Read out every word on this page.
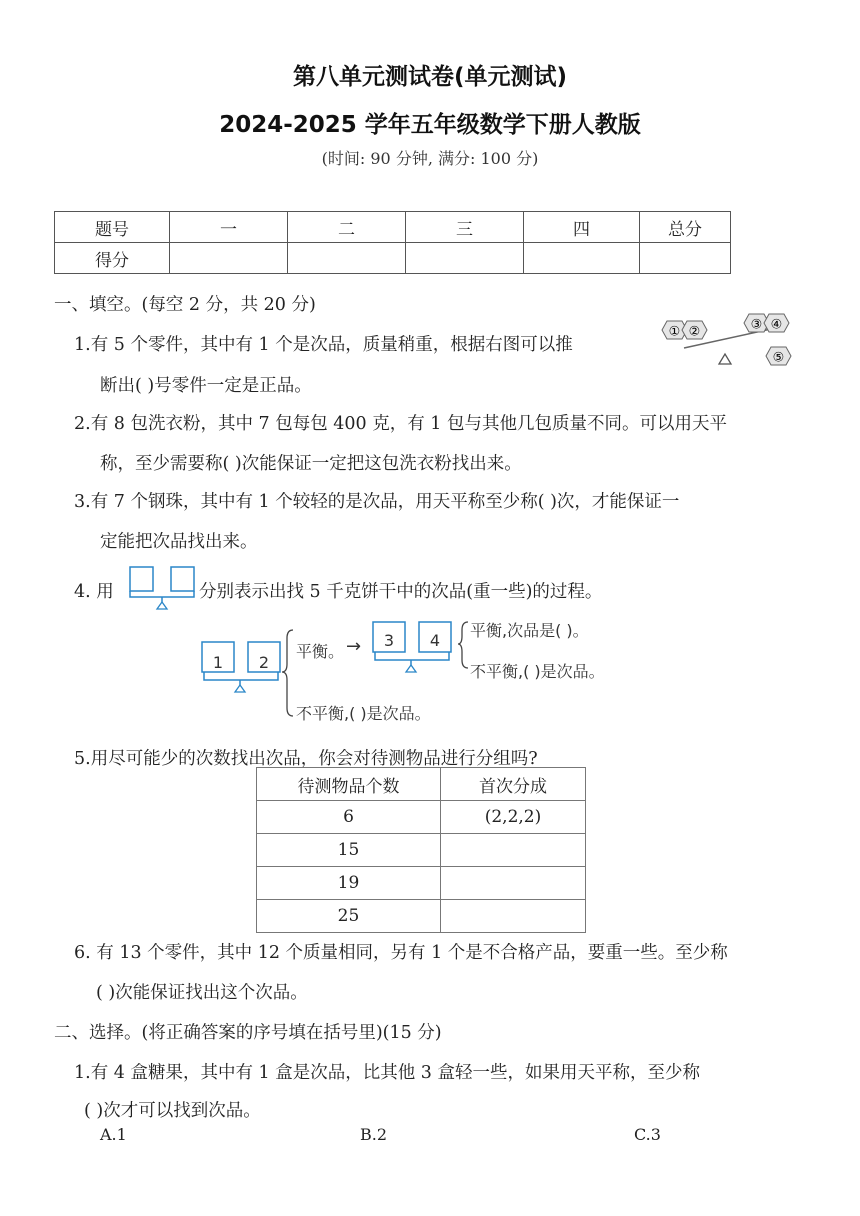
第八单元测试卷(单元测试)
2024-2025 学年五年级数学下册人教版
(时间: 90 分钟, 满分: 100 分)
题号	一	二	三	四	总分
得分					
一、填空。(每空 2 分，共 20 分)
1.有 5 个零件，其中有 1 个是次品，质量稍重，根据右图可以推
断出( )号零件一定是正品。
① ②	③ ④
⑤
2.有 8 包洗衣粉，其中 7 包每包 400 克，有 1 包与其他几包质量不同。可以用天平
称，至少需要称( )次能保证一定把这包洗衣粉找出来。
3.有 7 个钢珠，其中有 1 个较轻的是次品，用天平称至少称( )次，才能保证一
定能把次品找出来。
4. 用	分别表示出找 5 千克饼干中的次品(重一些)的过程。
1	2
3	4
平衡。 →
平衡,次品是( )。
不平衡,( )是次品。
不平衡,( )是次品。
5.用尽可能少的次数找出次品，你会对待测物品进行分组吗?
待测物品个数	首次分成
6	(2,2,2)
15	
19	
25	
6. 有 13 个零件，其中 12 个质量相同，另有 1 个是不合格产品，要重一些。至少称
( )次能保证找出这个次品。
二、选择。(将正确答案的序号填在括号里)(15 分)
1.有 4 盒糖果，其中有 1 盒是次品，比其他 3 盒轻一些，如果用天平称，至少称
( )次才可以找到次品。
A.1	B.2	C.3
